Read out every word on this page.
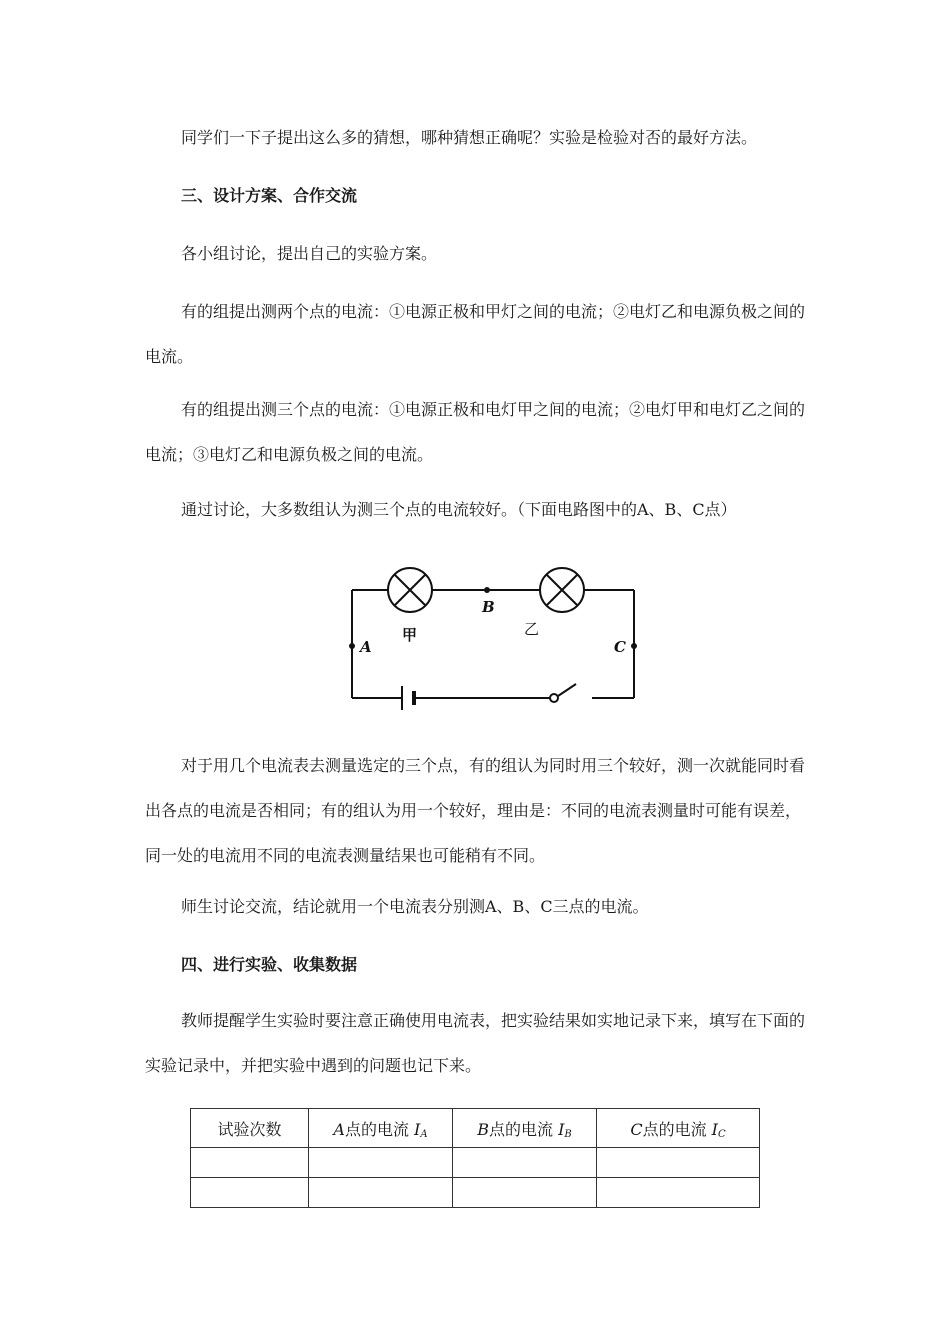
同学们一下子提出这么多的猜想，哪种猜想正确呢？实验是检验对否的最好方法。

三、设计方案、合作交流

各小组讨论，提出自己的实验方案。

有的组提出测两个点的电流：①电源正极和甲灯之间的电流；②电灯乙和电源负极之间的电流。

有的组提出测三个点的电流：①电源正极和电灯甲之间的电流；②电灯甲和电灯乙之间的电流；③电灯乙和电源负极之间的电流。

通过讨论，大多数组认为测三个点的电流较好。（下面电路图中的A、B、C点）

A
B
C
甲	乙

对于用几个电流表去测量选定的三个点，有的组认为同时用三个较好，测一次就能同时看出各点的电流是否相同；有的组认为用一个较好，理由是：不同的电流表测量时可能有误差，同一处的电流用不同的电流表测量结果也可能稍有不同。

师生讨论交流，结论就用一个电流表分别测A、B、C三点的电流。

四、进行实验、收集数据

教师提醒学生实验时要注意正确使用电流表，把实验结果如实地记录下来，填写在下面的实验记录中，并把实验中遇到的问题也记下来。

试验次数	A点的电流 $I_A$	B点的电流 $I_B$	C点的电流 $I_C$
